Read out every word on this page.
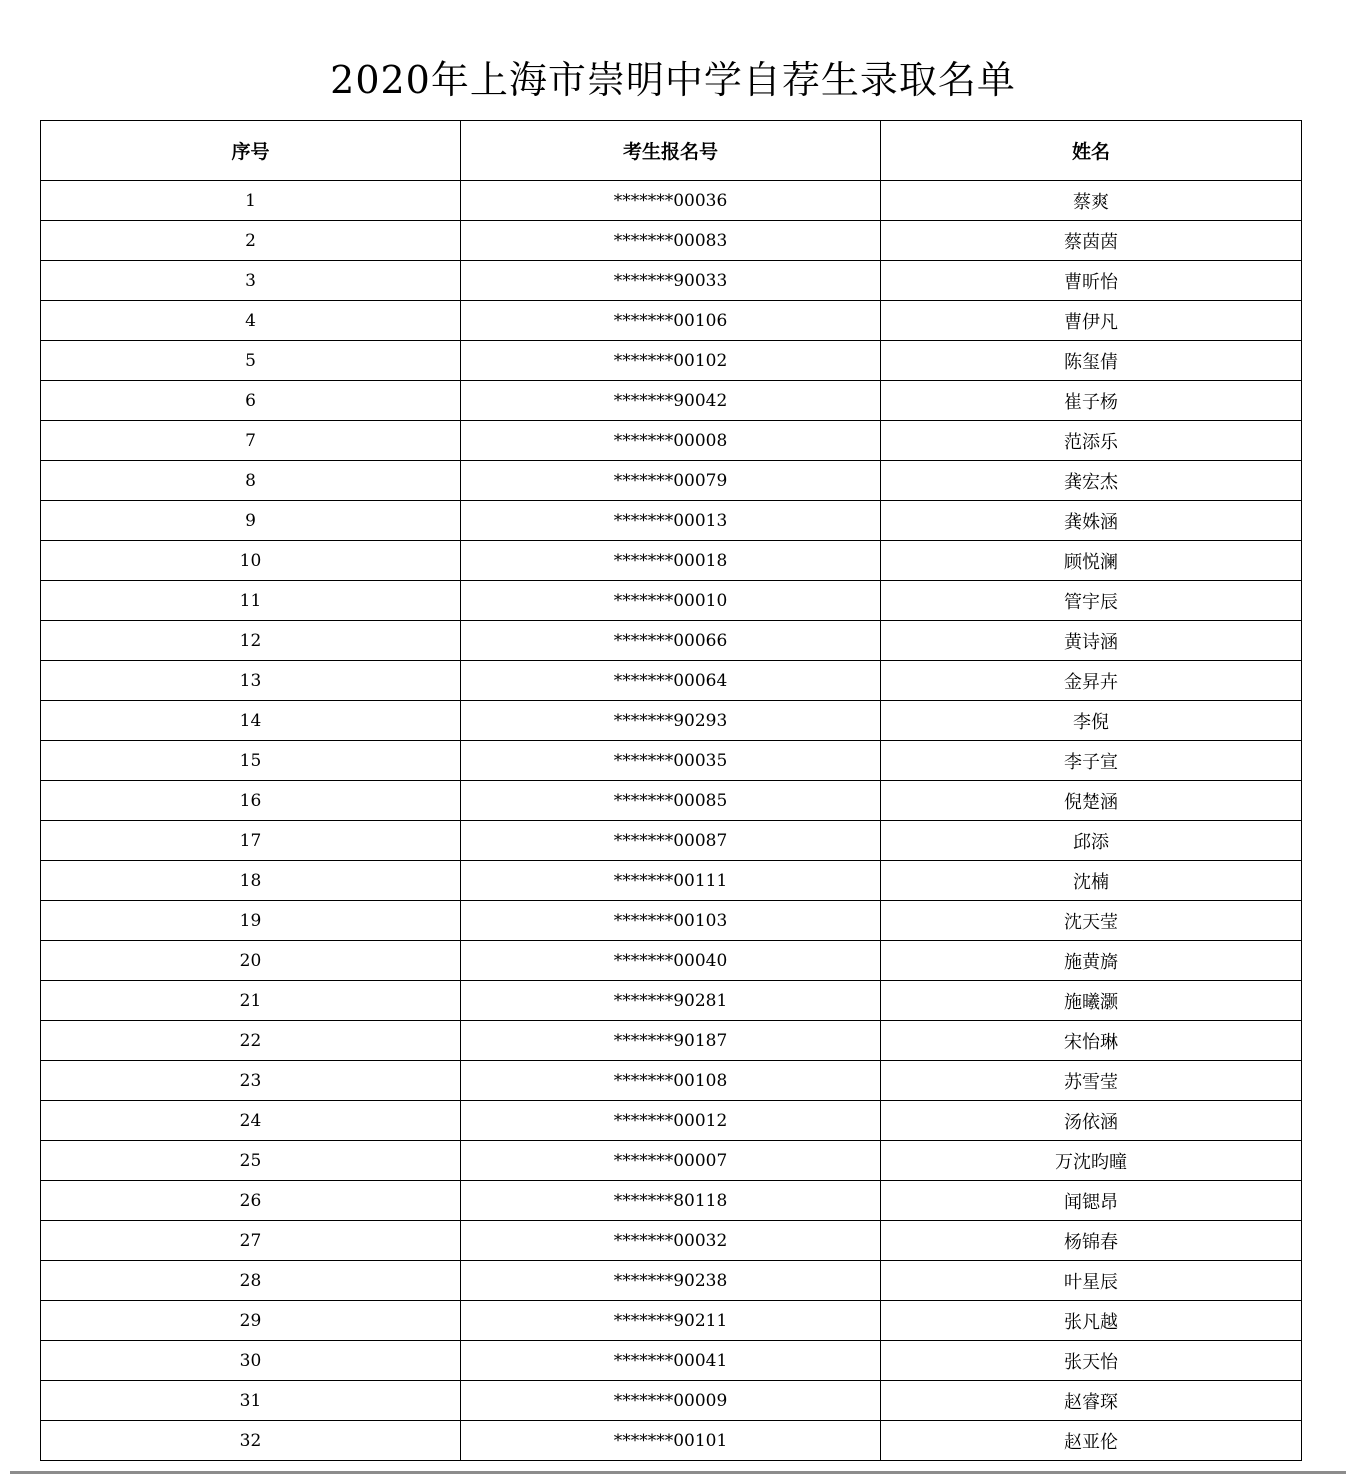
2020年上海市崇明中学自荐生录取名单
序号	考生报名号	姓名
1	*******00036	蔡爽
2	*******00083	蔡茵茵
3	*******90033	曹昕怡
4	*******00106	曹伊凡
5	*******00102	陈玺倩
6	*******90042	崔子杨
7	*******00008	范添乐
8	*******00079	龚宏杰
9	*******00013	龚姝涵
10	*******00018	顾悦澜
11	*******00010	管宇辰
12	*******00066	黄诗涵
13	*******00064	金昇卉
14	*******90293	李倪
15	*******00035	李子宣
16	*******00085	倪楚涵
17	*******00087	邱添
18	*******00111	沈楠
19	*******00103	沈天莹
20	*******00040	施黄旖
21	*******90281	施曦灏
22	*******90187	宋怡琳
23	*******00108	苏雪莹
24	*******00012	汤依涵
25	*******00007	万沈昀曈
26	*******80118	闻锶昂
27	*******00032	杨锦春
28	*******90238	叶星辰
29	*******90211	张凡越
30	*******00041	张天怡
31	*******00009	赵睿琛
32	*******00101	赵亚伦
